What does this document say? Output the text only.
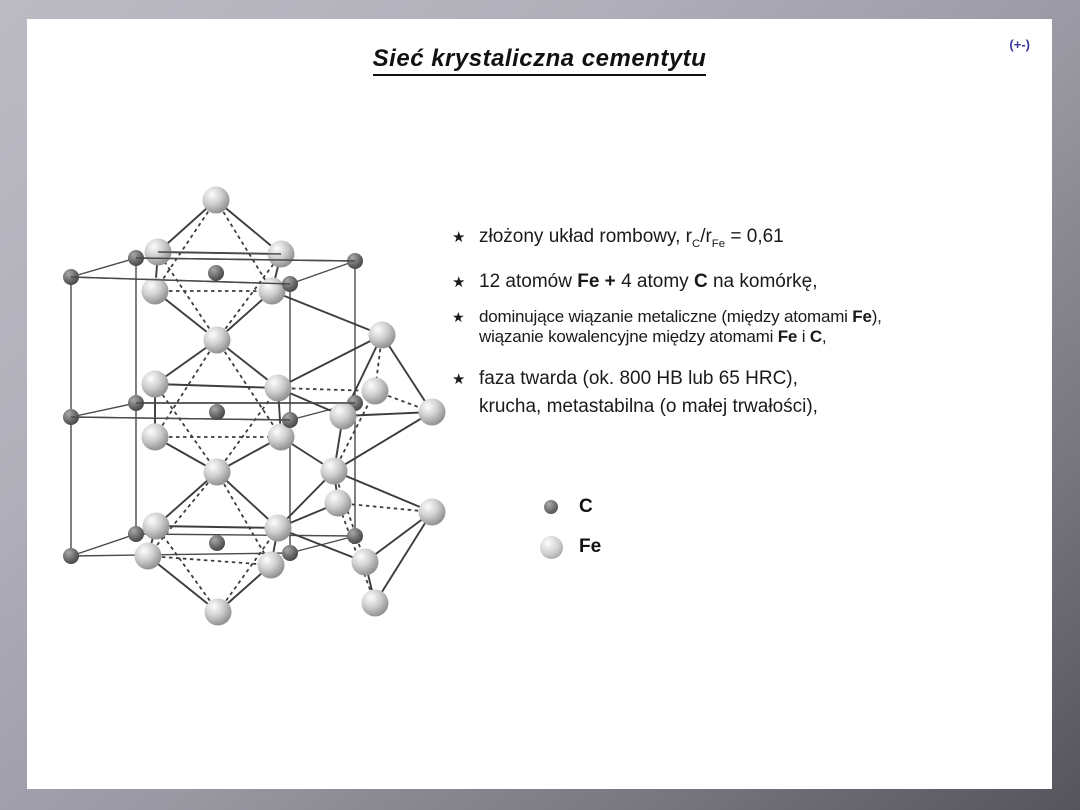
Sieć krystaliczna cementytu
(+-)
★ złożony układ rombowy, $r_C/r_{Fe} = 0,61$
★ 12 atomów Fe + 4 atomy C na komórkę,
★ dominujące wiązanie metaliczne (między atomami Fe),
wiązanie kowalencyjne między atomami Fe i C,
★ faza twarda (ok. 800 HB lub 65 HRC),
krucha, metastabilna (o małej trwałości),
C
Fe
